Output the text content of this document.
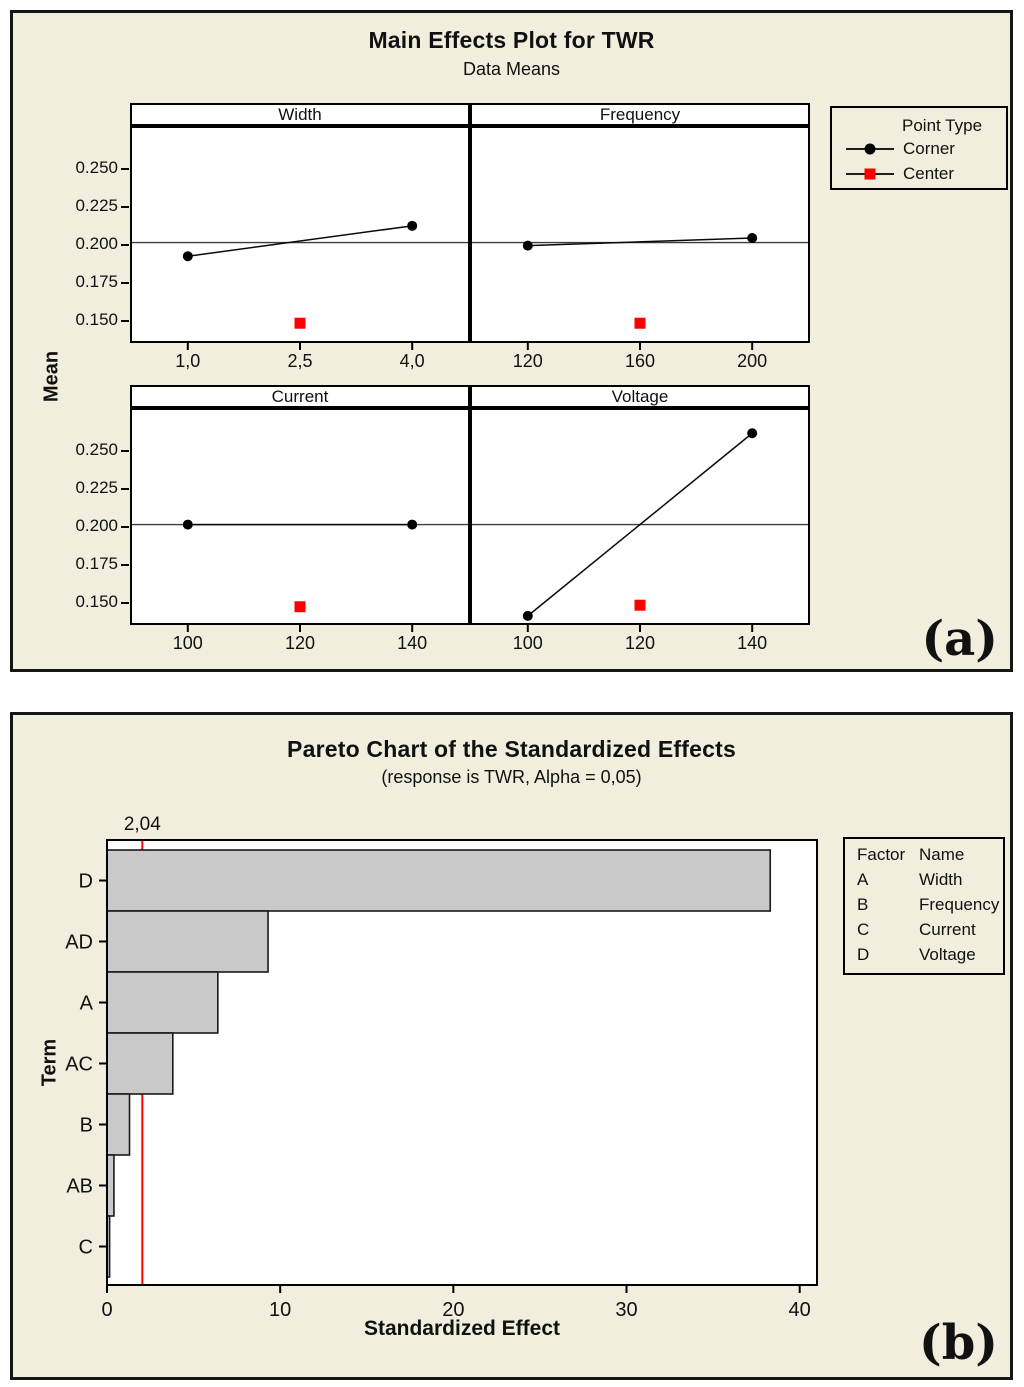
Main Effects Plot for TWR
Data Means
Mean
0.250
0.225
0.200
0.175
0.150
Width
1,0	2,5	4,0
Frequency
120	160	200
0.250
0.225
0.200
0.175
0.150
Current
100	120	140
Voltage
100	120	140
Point Type
Corner
Center
(a)
Pareto Chart of the Standardized Effects
(response is TWR, Alpha = 0,05)
Term
D
AD
A
AC
B
AB
C
2,04
0	10	20	30	40
Standardized Effect
Factor Name
A	Width
B	Frequency
C	Current
D	Voltage
(b)
